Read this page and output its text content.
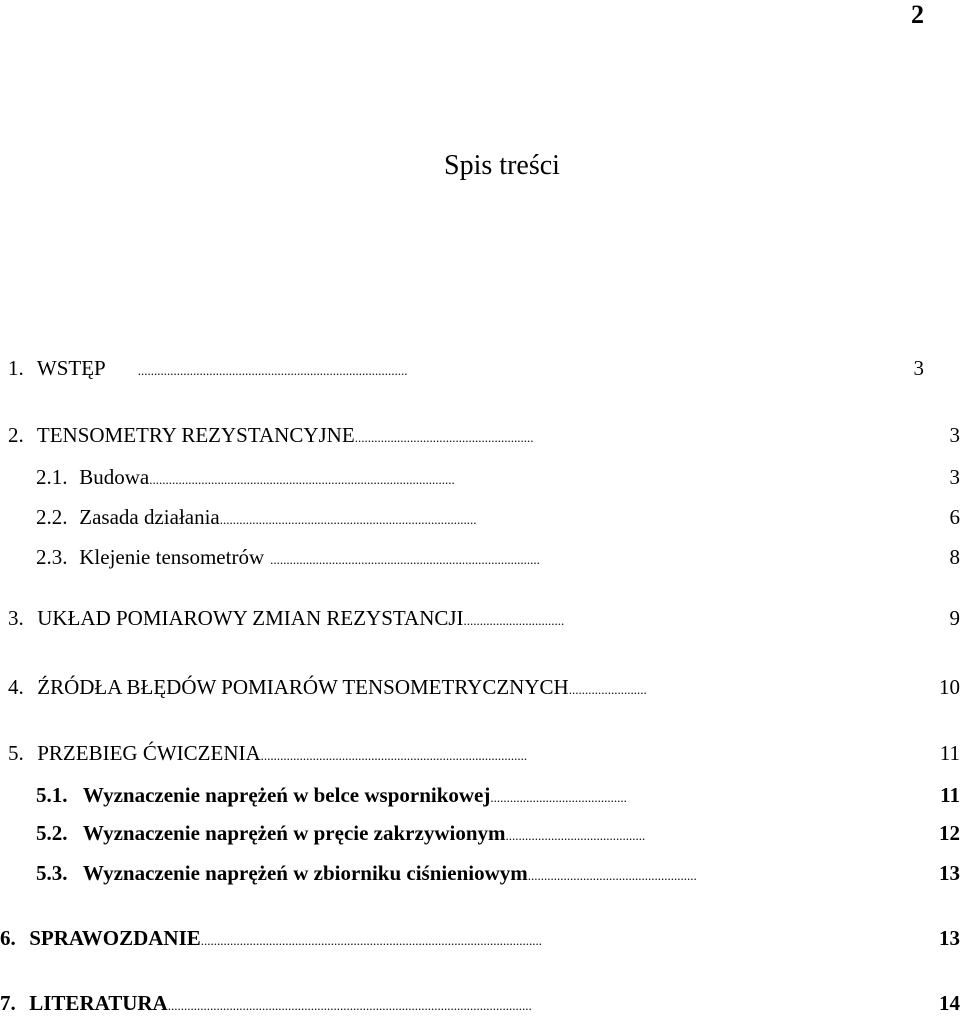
2
Spis treści
1. WSTĘP ...................................................................................	3
2. TENSOMETRY REZYSTANCYJNE.......................................................	3
2.1. Budowa..............................................................................................	3
2.2. Zasada działania...............................................................................	6
2.3. Klejenie tensometrów ...................................................................................	8
3. UKŁAD POMIAROWY ZMIAN REZYSTANCJI...............................	9
4. ŹRÓDŁA BŁĘDÓW POMIARÓW TENSOMETRYCZNYCH........................	10
5. PRZEBIEG ĆWICZENIA..................................................................................	11
5.1. Wyznaczenie naprężeń w belce wspornikowej..........................................	11
5.2. Wyznaczenie naprężeń w pręcie zakrzywionym...........................................	12
5.3. Wyznaczenie naprężeń w zbiorniku ciśnieniowym....................................................	13
6. SPRAWOZDANIE.........................................................................................................	13
7. LITERATURA................................................................................................................	14
